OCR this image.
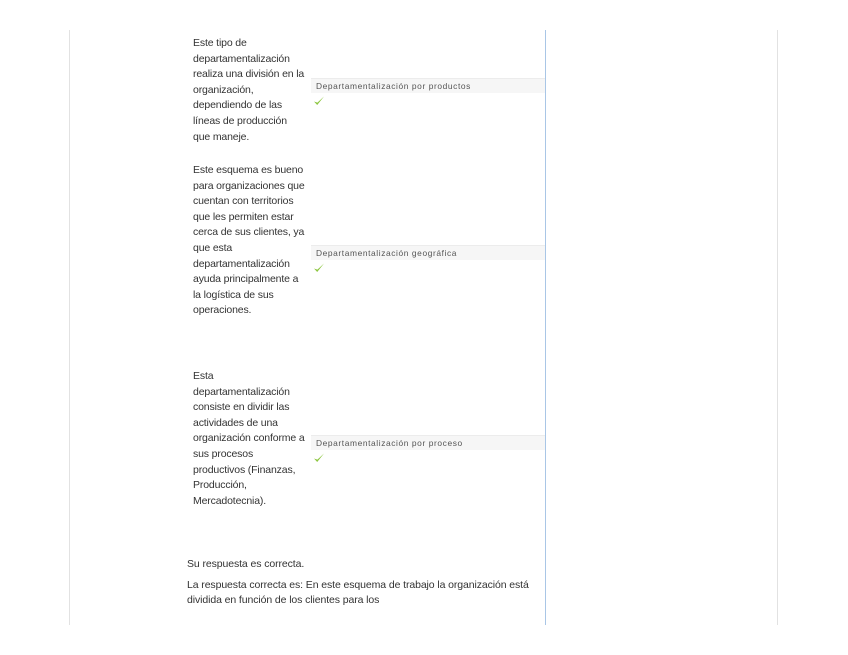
Este tipo de departamentalización realiza una división en la organización, dependiendo de las líneas de producción que maneje.

Departamentalización por productos

Este esquema es bueno para organizaciones que cuentan con territorios que les permiten estar cerca de sus clientes, ya que esta departamentalización ayuda principalmente a la logística de sus operaciones.

Departamentalización geográfica

Esta departamentalización consiste en dividir las actividades de una organización conforme a sus procesos productivos (Finanzas, Producción, Mercadotecnia).

Departamentalización por proceso

Su respuesta es correcta.

La respuesta correcta es: En este esquema de trabajo la organización está dividida en función de los clientes para los
